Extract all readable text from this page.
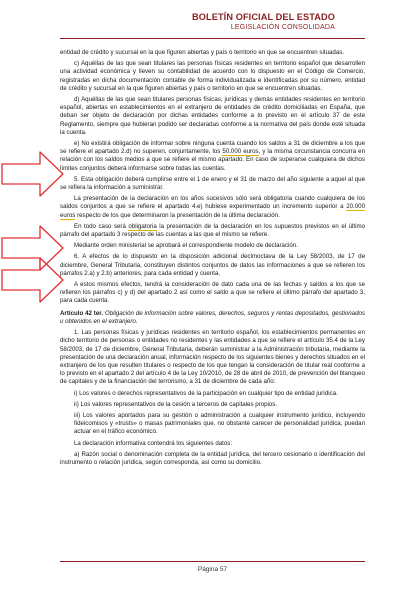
BOLETÍN OFICIAL DEL ESTADO
LEGISLACIÓN CONSOLIDADA

entidad de crédito y sucursal en la que figuren abiertas y país o territorio en que se encuentren situadas.

c) Aquéllas de las que sean titulares las personas físicas residentes en territorio español que desarrollen una actividad económica y lleven su contabilidad de acuerdo con lo dispuesto en el Código de Comercio, registradas en dicha documentación contable de forma individualizada e identificadas por su número, entidad de crédito y sucursal en la que figuren abiertas y país o territorio en que se encuentren situadas.

d) Aquéllas de las que sean titulares personas físicas, jurídicas y demás entidades residentes en territorio español, abiertas en establecimientos en el extranjero de entidades de crédito domiciliadas en España, que deban ser objeto de declaración por dichas entidades conforme a lo previsto en el artículo 37 de este Reglamento, siempre que hubieran podido ser declaradas conforme a la normativa del país donde esté situada la cuenta.

e) No existirá obligación de informar sobre ninguna cuenta cuando los saldos a 31 de diciembre a los que se refiere el apartado 2.d) no superen, conjuntamente, los 50.000 euros, y la misma circunstancia concurra en relación con los saldos medios a que se refiere el mismo apartado. En caso de superarse cualquiera de dichos límites conjuntos deberá informarse sobre todas las cuentas.

5. Esta obligación deberá cumplirse entre el 1 de enero y el 31 de marzo del año siguiente a aquel al que se refiera la información a suministrar.

La presentación de la declaración en los años sucesivos sólo será obligatoria cuando cualquiera de los saldos conjuntos a que se refiere el apartado 4.e) hubiese experimentado un incremento superior a 20.000 euros respecto de los que determinaron la presentación de la última declaración.

En todo caso será obligatoria la presentación de la declaración en los supuestos previstos en el último párrafo del apartado 3 respecto de las cuentas a las que el mismo se refiere.

Mediante orden ministerial se aprobará el correspondiente modelo de declaración.

6. A efectos de lo dispuesto en la disposición adicional decimoctava de la Ley 58/2003, de 17 de diciembre, General Tributaria, constituyen distintos conjuntos de datos las informaciones a que se refieren los párrafos 2.a) y 2.b) anteriores, para cada entidad y cuenta.

A estos mismos efectos, tendrá la consideración de dato cada una de las fechas y saldos a los que se refieren los párrafos c) y d) del apartado 2 así como el saldo a que se refiere el último párrafo del apartado 3, para cada cuenta.

Artículo 42 ter. Obligación de información sobre valores, derechos, seguros y rentas depositados, gestionados u obtenidos en el extranjero.

1. Las personas físicas y jurídicas residentes en territorio español, los establecimientos permanentes en dicho territorio de personas o entidades no residentes y las entidades a que se refiere el artículo 35.4 de la Ley 58/2003, de 17 de diciembre, General Tributaria, deberán suministrar a la Administración tributaria, mediante la presentación de una declaración anual, información respecto de los siguientes bienes y derechos situados en el extranjero de los que resulten titulares o respecto de los que tengan la consideración de titular real conforme a lo previsto en el apartado 2 del artículo 4 de la Ley 10/2010, de 28 de abril de 2010, de prevención del blanqueo de capitales y de la financiación del terrorismo, a 31 de diciembre de cada año:

i) Los valores o derechos representativos de la participación en cualquier tipo de entidad jurídica.

ii) Los valores representativos de la cesión a terceros de capitales propios.

iii) Los valores aportados para su gestión o administración a cualquier instrumento jurídico, incluyendo fideicomisos y «trusts» o masas patrimoniales que, no obstante carecer de personalidad jurídica, puedan actuar en el tráfico económico.

La declaración informativa contendrá los siguientes datos:

a) Razón social o denominación completa de la entidad jurídica, del tercero cesionario o identificación del instrumento o relación jurídica, según corresponda, así como su domicilio.

Página 57
